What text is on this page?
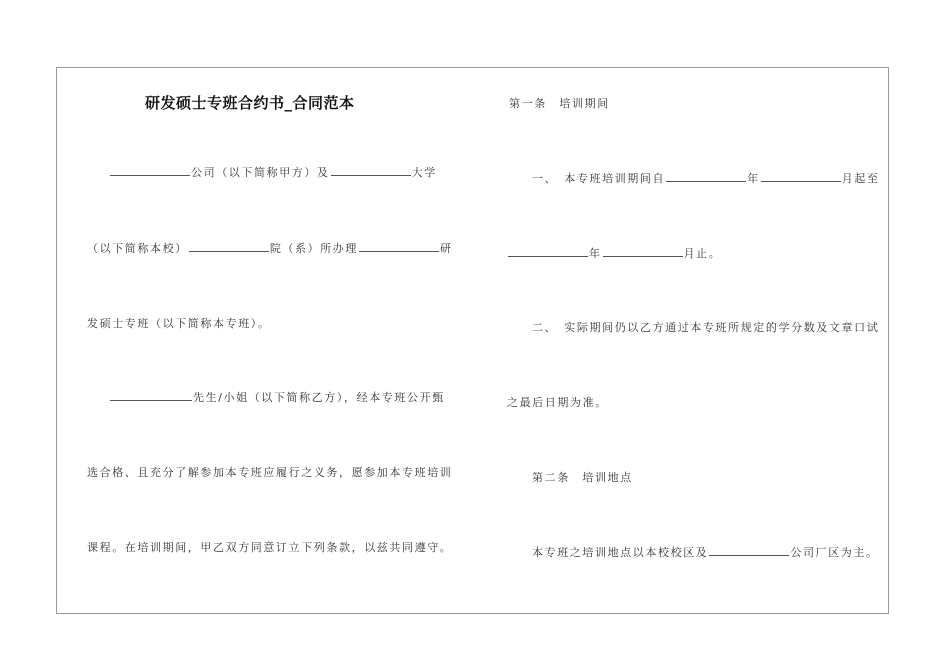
研发硕士专班合约书_合同范本
公司（以下简称甲方）及	大学
（以下简称本校）	院（系）所办理	研
发硕士专班（以下简称本专班）。
先生/小姐（以下简称乙方），经本专班公开甄
选合格、且充分了解参加本专班应履行之义务，愿参加本专班培训
课程。在培训期间，甲乙双方同意订立下列条款，以兹共同遵守。
第一条　培训期间
一、　本专班培训期间自	年	月起至
年	月止。
二、　实际期间仍以乙方通过本专班所规定的学分数及文章口试
之最后日期为准。
第二条　培训地点
本专班之培训地点以本校校区及	公司厂区为主。
